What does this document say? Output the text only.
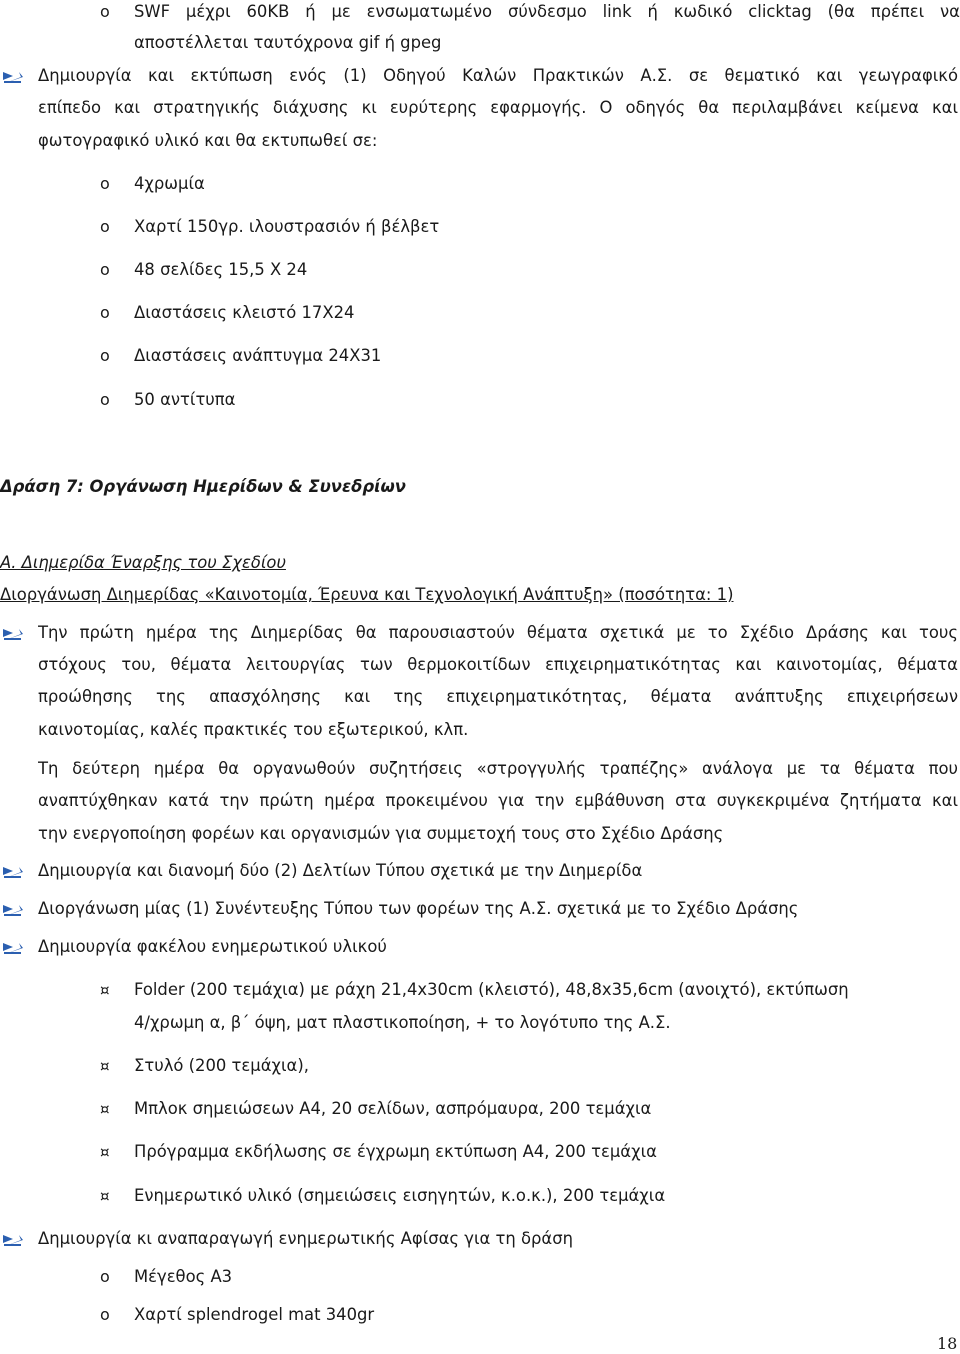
o SWF μέχρι 60KB ή με ενσωματωμένο σύνδεσμο link ή κωδικό clicktag (θα πρέπει να
αποστέλλεται ταυτόχρονα gif ή gpeg
Δημιουργία και εκτύπωση ενός (1) Οδηγού Καλών Πρακτικών Α.Σ. σε θεματικό και γεωγραφικό
επίπεδο και στρατηγικής διάχυσης κι ευρύτερης εφαρμογής. Ο οδηγός θα περιλαμβάνει κείμενα και
φωτογραφικό υλικό και θα εκτυπωθεί σε:
o 4χρωμία
o Χαρτί 150γρ. ιλουστρασιόν ή βέλβετ
o 48 σελίδες 15,5 Χ 24
o Διαστάσεις κλειστό 17Χ24
o Διαστάσεις ανάπτυγμα 24Χ31
o 50 αντίτυπα
Δράση 7: Οργάνωση Ημερίδων & Συνεδρίων
Α. Διημερίδα Έναρξης του Σχεδίου
Διοργάνωση Διημερίδας «Καινοτομία, Έρευνα και Τεχνολογική Ανάπτυξη» (ποσότητα: 1)
Την πρώτη ημέρα της Διημερίδας θα παρουσιαστούν θέματα σχετικά με το Σχέδιο Δράσης και τους
στόχους του, θέματα λειτουργίας των θερμοκοιτίδων επιχειρηματικότητας και καινοτομίας, θέματα
προώθησης της απασχόλησης και της επιχειρηματικότητας, θέματα ανάπτυξης επιχειρήσεων
καινοτομίας, καλές πρακτικές του εξωτερικού, κλπ.
Τη δεύτερη ημέρα θα οργανωθούν συζητήσεις «στρογγυλής τραπέζης» ανάλογα με τα θέματα που
αναπτύχθηκαν κατά την πρώτη ημέρα προκειμένου για την εμβάθυνση στα συγκεκριμένα ζητήματα και
την ενεργοποίηση φορέων και οργανισμών για συμμετοχή τους στο Σχέδιο Δράσης
Δημιουργία και διανομή δύο (2) Δελτίων Τύπου σχετικά με την Διημερίδα
Διοργάνωση μίας (1) Συνέντευξης Τύπου των φορέων της Α.Σ. σχετικά με το Σχέδιο Δράσης
Δημιουργία φακέλου ενημερωτικού υλικού
¤ Folder (200 τεμάχια) με ράχη 21,4x30cm (κλειστό), 48,8x35,6cm (ανοιχτό), εκτύπωση
4/χρωμη α, β΄ όψη, ματ πλαστικοποίηση, + το λογότυπο της Α.Σ.
¤ Στυλό (200 τεμάχια),
¤ Μπλοκ σημειώσεων Α4, 20 σελίδων, ασπρόμαυρα, 200 τεμάχια
¤ Πρόγραμμα εκδήλωσης σε έγχρωμη εκτύπωση Α4, 200 τεμάχια
¤ Ενημερωτικό υλικό (σημειώσεις εισηγητών, κ.ο.κ.), 200 τεμάχια
Δημιουργία κι αναπαραγωγή ενημερωτικής Αφίσας για τη δράση
o Μέγεθος Α3
o Χαρτί splendrogel mat 340gr
18
